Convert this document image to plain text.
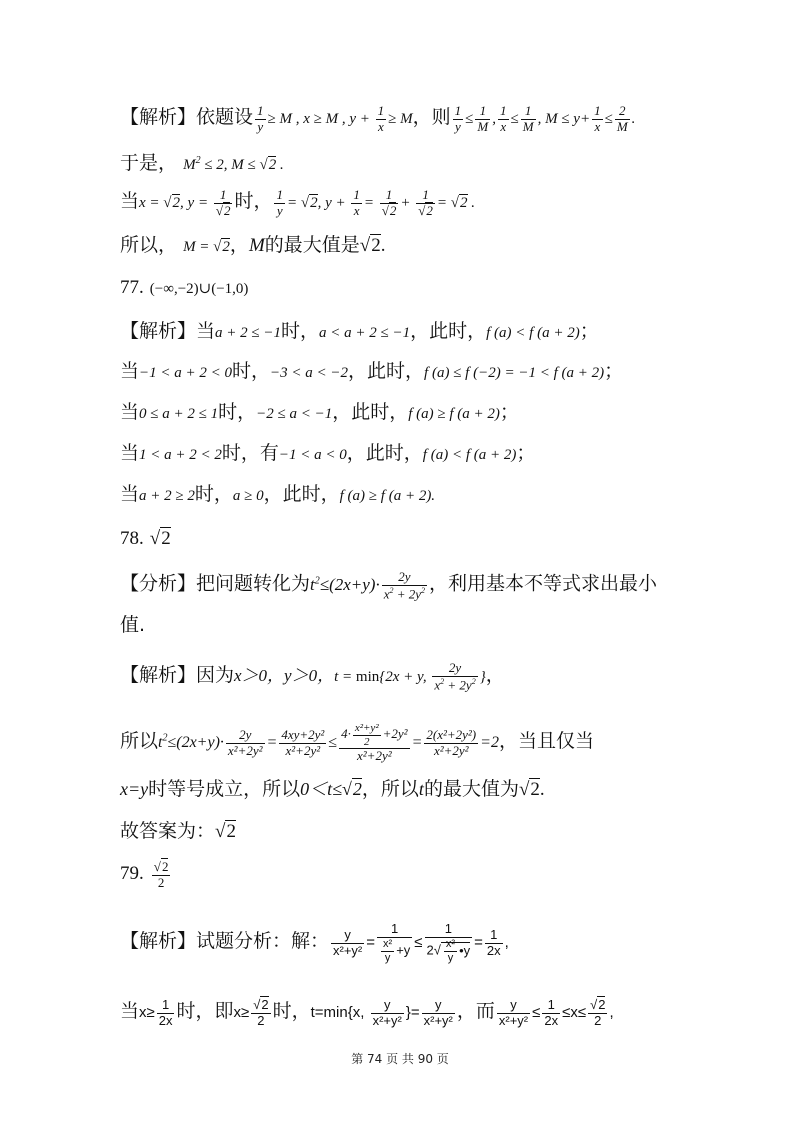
【解析】依题设 $\frac{1}{y} \ge M$ , x ≥ M , $y + \frac{1}{x} \ge M$，则 $\frac{1}{y} \le \frac{1}{M}$ , $\frac{1}{x} \le \frac{1}{M}$ , $M \le y+ \frac{1}{x} \le \frac{2}{M}$ .
于是， $M^2 \le 2$, M ≤ √2 .
当x = √2, $y = \frac{1}{√2}$ 时， $\frac{1}{y} = √2$, $y + \frac{1}{x} = \frac{1}{√2} + \frac{1}{√2} = √2$ .
所以， M = √2，M的最大值是√2.
77. (−∞,−2)∪(−1,0)
【解析】当a + 2 ≤ −1时，a < a + 2 ≤ −1，此时，f (a) < f (a + 2)；
当−1 < a + 2 < 0时，−3 < a < −2，此时，f (a) ≤ f (−2) = −1 < f (a + 2)；
当0 ≤ a + 2 ≤ 1时，−2 ≤ a < −1，此时，f (a) ≥ f (a + 2)；
当1 < a + 2 < 2时，有−1 < a < 0，此时，f (a) < f (a + 2)；
当a + 2 ≥ 2时，a ≥ 0，此时，f (a) ≥ f (a + 2).
78. √2
【分析】把问题转化为$t^2\le(2x+y)\cdot \frac{2y}{x^2 + 2y^2}$ ，利用基本不等式求出最小
值.
【解析】因为x＞0，y＞0，t = min{2x + y, $\frac{2y}{x^2 + 2y^2}$ }，
所以$t^2\le(2x+y)\cdot \frac{2y}{\text{x²+2y²}} = \frac{\text{4xy+2y²}}{\text{x²+2y²}} \le \frac{4\cdot \frac{\text{x²+y²}}{2} +2y^2}{\text{x²+2y²}} = \frac{\text{2(x²+2y²)}}{\text{x²+2y²}} =2$，当且仅当
x=y时等号成立，所以0＜t≤√2，所以t的最大值为√2.
故答案为：√2
79. $\frac{√2}{2}$
【解析】试题分析：解： $\frac{y}{\text{x²+y²}} = \frac{1}{\frac{\text{x²}}{y} +y} \le \frac{1}{2√ \frac{\text{x²}}{y} •y} = \frac{1}{2x}$ ,
当$x\ge \frac{1}{2x}$ 时，即$x\ge \frac{√2}{2}$ 时，t=min{x, $\frac{y}{\text{x²+y²}}$ }= $\frac{y}{\text{x²+y²}}$ ，而 $\frac{y}{\text{x²+y²}} \le \frac{1}{2x} \le x\le \frac{√2}{2}$ ,
第 74 页 共 90 页
